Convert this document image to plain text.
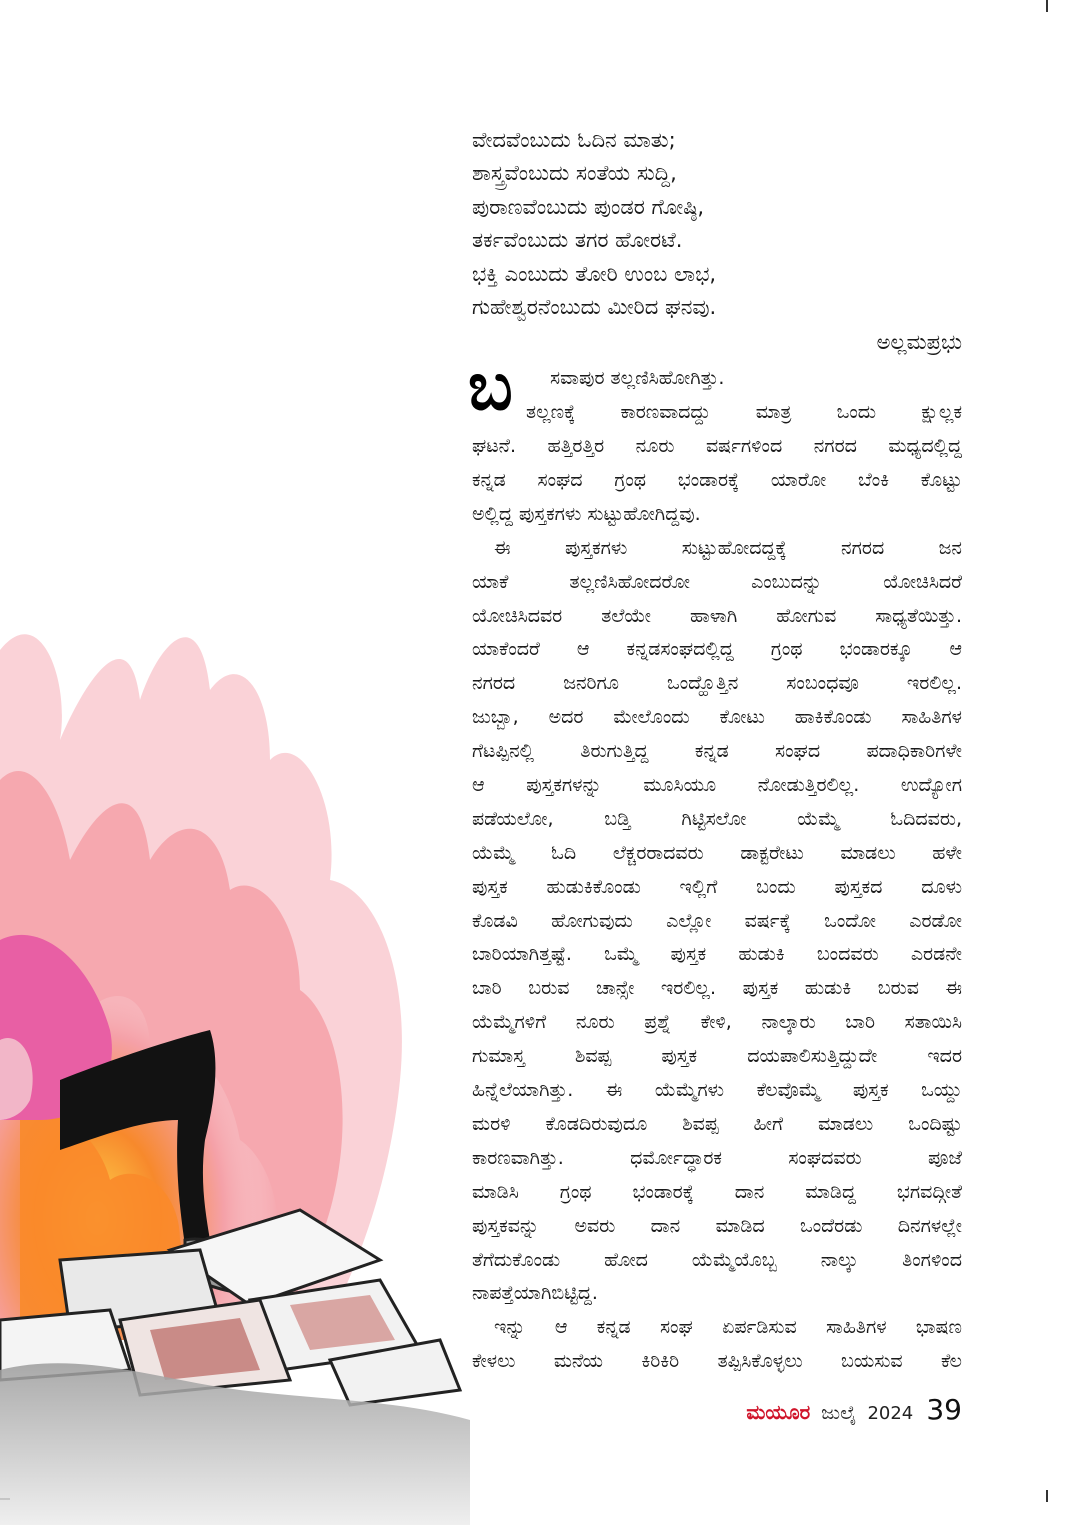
ವೇದವೆಂಬುದು ಓದಿನ ಮಾತು;
ಶಾಸ್ತ್ರವೆಂಬುದು ಸಂತೆಯ ಸುದ್ದಿ,
ಪುರಾಣವೆಂಬುದು ಪುಂಡರ ಗೋಷ್ಠಿ,
ತರ್ಕವೆಂಬುದು ತಗರ ಹೋರಟೆ.
ಭಕ್ತಿ ಎಂಬುದು ತೋರಿ ಉಂಬ ಲಾಭ,
ಗುಹೇಶ್ವರನೆಂಬುದು ಮೀರಿದ ಘನವು.
ಅಲ್ಲಮಪ್ರಭು
ಬ	ಸವಾಪುರ ತಲ್ಲಣಿಸಿಹೋಗಿತ್ತು.
ತಲ್ಲಣಕ್ಕೆ ಕಾರಣವಾದದ್ದು ಮಾತ್ರ ಒಂದು ಕ್ಷುಲ್ಲಕ
ಘಟನೆ. ಹತ್ತಿರತ್ತಿರ ನೂರು ವರ್ಷಗಳಿಂದ ನಗರದ ಮಧ್ಯದಲ್ಲಿದ್ದ
ಕನ್ನಡ ಸಂಘದ ಗ್ರಂಥ ಭಂಡಾರಕ್ಕೆ ಯಾರೋ ಬೆಂಕಿ ಕೊಟ್ಟು
ಅಲ್ಲಿದ್ದ ಪುಸ್ತಕಗಳು ಸುಟ್ಟುಹೋಗಿದ್ದವು.
ಈ ಪುಸ್ತಕಗಳು ಸುಟ್ಟುಹೋದದ್ದಕ್ಕೆ ನಗರದ ಜನ
ಯಾಕೆ ತಲ್ಲಣಿಸಿಹೋದರೋ ಎಂಬುದನ್ನು ಯೋಚಿಸಿದರೆ
ಯೋಚಿಸಿದವರ ತಲೆಯೇ ಹಾಳಾಗಿ ಹೋಗುವ ಸಾಧ್ಯತೆಯಿತ್ತು.
ಯಾಕೆಂದರೆ ಆ ಕನ್ನಡಸಂಘದಲ್ಲಿದ್ದ ಗ್ರಂಥ ಭಂಡಾರಕ್ಕೂ ಆ
ನಗರದ ಜನರಿಗೂ ಒಂದ್ಹೊತ್ತಿನ ಸಂಬಂಧವೂ ಇರಲಿಲ್ಲ.
ಜುಬ್ಬಾ, ಅದರ ಮೇಲೊಂದು ಕೋಟು ಹಾಕಿಕೊಂಡು ಸಾಹಿತಿಗಳ
ಗೆಟಪ್ಪಿನಲ್ಲಿ ತಿರುಗುತ್ತಿದ್ದ ಕನ್ನಡ ಸಂಘದ ಪದಾಧಿಕಾರಿಗಳೇ
ಆ ಪುಸ್ತಕಗಳನ್ನು ಮೂಸಿಯೂ ನೋಡುತ್ತಿರಲಿಲ್ಲ. ಉದ್ಯೋಗ
ಪಡೆಯಲೋ, ಬಡ್ತಿ ಗಿಟ್ಟಿಸಲೋ ಯೆಮ್ಮೆ ಓದಿದವರು,
ಯೆಮ್ಮೆ ಓದಿ ಲೆಕ್ಚರರಾದವರು ಡಾಕ್ಟರೇಟು ಮಾಡಲು ಹಳೇ
ಪುಸ್ತಕ ಹುಡುಕಿಕೊಂಡು ಇಲ್ಲಿಗೆ ಬಂದು ಪುಸ್ತಕದ ದೂಳು
ಕೊಡವಿ ಹೋಗುವುದು ಎಲ್ಲೋ ವರ್ಷಕ್ಕೆ ಒಂದೋ ಎರಡೋ
ಬಾರಿಯಾಗಿತ್ತಷ್ಟೆ. ಒಮ್ಮೆ ಪುಸ್ತಕ ಹುಡುಕಿ ಬಂದವರು ಎರಡನೇ
ಬಾರಿ ಬರುವ ಚಾನ್ಸೇ ಇರಲಿಲ್ಲ. ಪುಸ್ತಕ ಹುಡುಕಿ ಬರುವ ಈ
ಯೆಮ್ಮೆಗಳಿಗೆ ನೂರು ಪ್ರಶ್ನೆ ಕೇಳಿ, ನಾಲ್ಕಾರು ಬಾರಿ ಸತಾಯಿಸಿ
ಗುಮಾಸ್ತ ಶಿವಪ್ಪ ಪುಸ್ತಕ ದಯಪಾಲಿಸುತ್ತಿದ್ದುದೇ ಇದರ
ಹಿನ್ನೆಲೆಯಾಗಿತ್ತು. ಈ ಯೆಮ್ಮೆಗಳು ಕೆಲವೊಮ್ಮೆ ಪುಸ್ತಕ ಒಯ್ದು
ಮರಳಿ ಕೊಡದಿರುವುದೂ ಶಿವಪ್ಪ ಹೀಗೆ ಮಾಡಲು ಒಂದಿಷ್ಟು
ಕಾರಣವಾಗಿತ್ತು. ಧರ್ಮೋದ್ಧಾರಕ ಸಂಘದವರು ಪೂಜೆ
ಮಾಡಿಸಿ ಗ್ರಂಥ ಭಂಡಾರಕ್ಕೆ ದಾನ ಮಾಡಿದ್ದ ಭಗವದ್ಗೀತೆ
ಪುಸ್ತಕವನ್ನು ಅವರು ದಾನ ಮಾಡಿದ ಒಂದೆರಡು ದಿನಗಳಲ್ಲೇ
ತೆಗೆದುಕೊಂಡು ಹೋದ ಯೆಮ್ಮೆಯೊಬ್ಬ ನಾಲ್ಕು ತಿಂಗಳಿಂದ
ನಾಪತ್ತೆಯಾಗಿಬಿಟ್ಟಿದ್ದ.
ಇನ್ನು ಆ ಕನ್ನಡ ಸಂಘ ಏರ್ಪಡಿಸುವ ಸಾಹಿತಿಗಳ ಭಾಷಣ
ಕೇಳಲು ಮನೆಯ ಕಿರಿಕಿರಿ ತಪ್ಪಿಸಿಕೊಳ್ಳಲು ಬಯಸುವ ಕೆಲ
ಮಯೂರ ಜುಲೈ 2024 39
